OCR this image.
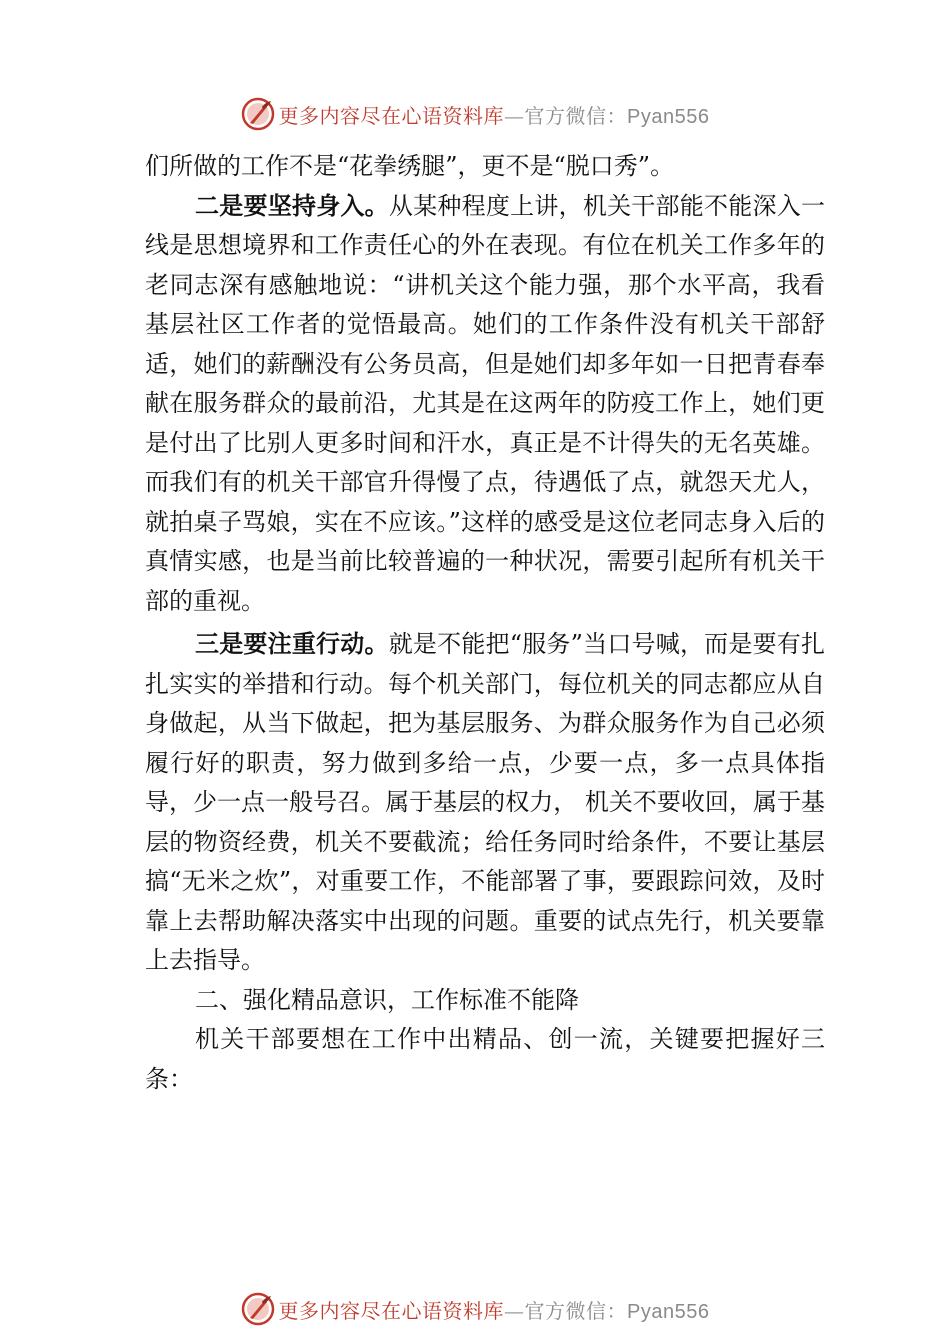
更多内容尽在心语资料库—官方微信：Pyan556

们所做的工作不是“花拳绣腿”，更不是“脱口秀”。

二是要坚持身入。从某种程度上讲，机关干部能不能深入一线是思想境界和工作责任心的外在表现。有位在机关工作多年的老同志深有感触地说：“讲机关这个能力强，那个水平高，我看基层社区工作者的觉悟最高。她们的工作条件没有机关干部舒适，她们的薪酬没有公务员高，但是她们却多年如一日把青春奉献在服务群众的最前沿，尤其是在这两年的防疫工作上，她们更是付出了比别人更多时间和汗水，真正是不计得失的无名英雄。而我们有的机关干部官升得慢了点，待遇低了点，就怨天尤人，就拍桌子骂娘，实在不应该。”这样的感受是这位老同志身入后的真情实感，也是当前比较普遍的一种状况，需要引起所有机关干部的重视。

三是要注重行动。就是不能把“服务”当口号喊，而是要有扎扎实实的举措和行动。每个机关部门，每位机关的同志都应从自身做起，从当下做起，把为基层服务、为群众服务作为自己必须履行好的职责，努力做到多给一点，少要一点，多一点具体指导，少一点一般号召。属于基层的权力， 机关不要收回，属于基层的物资经费，机关不要截流；给任务同时给条件，不要让基层搞“无米之炊”，对重要工作，不能部署了事，要跟踪问效，及时靠上去帮助解决落实中出现的问题。重要的试点先行，机关要靠上去指导。

二、强化精品意识，工作标准不能降

机关干部要想在工作中出精品、创一流，关键要把握好三条：

更多内容尽在心语资料库—官方微信：Pyan556
